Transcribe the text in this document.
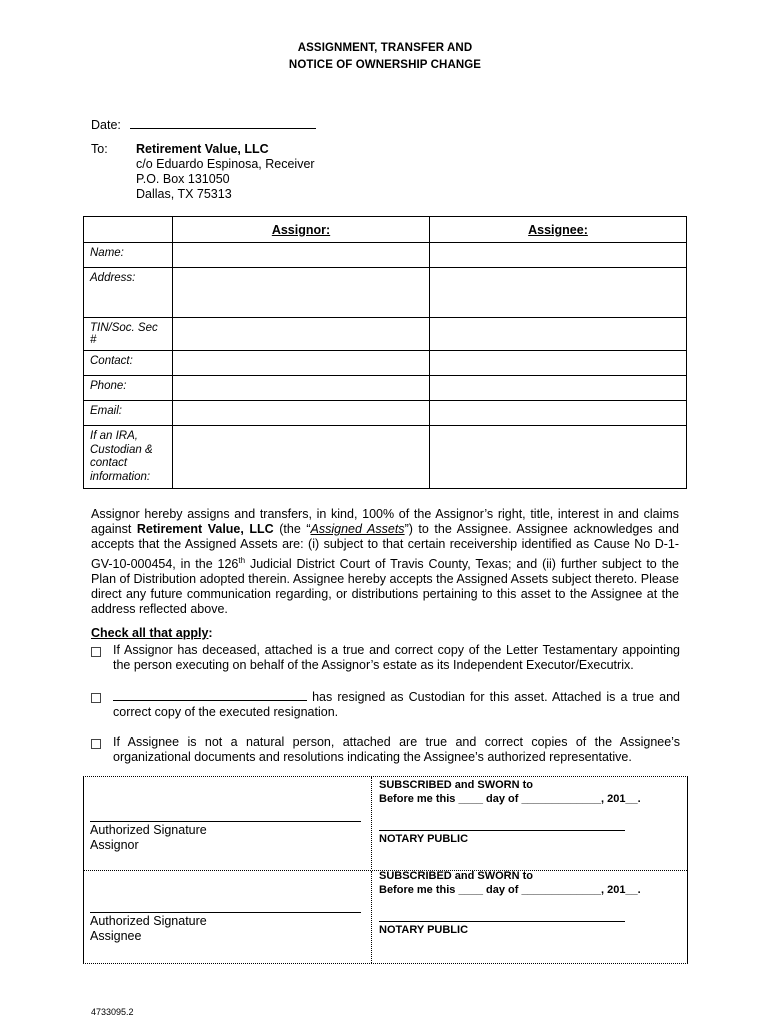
ASSIGNMENT, TRANSFER AND
NOTICE OF OWNERSHIP CHANGE
Date:
To: Retirement Value, LLC
c/o Eduardo Espinosa, Receiver
P.O. Box 131050
Dallas, TX 75313
	Assignor:	Assignee:
Name:		
Address:		
TIN/Soc. Sec #		
Contact:		
Phone:		
Email:		
If an IRA, Custodian & contact information:		
Assignor hereby assigns and transfers, in kind, 100% of the Assignor’s right, title, interest in and claims against Retirement Value, LLC (the “Assigned Assets”) to the Assignee. Assignee acknowledges and accepts that the Assigned Assets are: (i) subject to that certain receivership identified as Cause No D-1-GV-10-000454, in the 126th Judicial District Court of Travis County, Texas; and (ii) further subject to the Plan of Distribution adopted therein. Assignee hereby accepts the Assigned Assets subject thereto. Please direct any future communication regarding, or distributions pertaining to this asset to the Assignee at the address reflected above.
Check all that apply:
If Assignor has deceased, attached is a true and correct copy of the Letter Testamentary appointing the person executing on behalf of the Assignor’s estate as its Independent Executor/Executrix.
has resigned as Custodian for this asset. Attached is a true and correct copy of the executed resignation.
If Assignee is not a natural person, attached are true and correct copies of the Assignee’s organizational documents and resolutions indicating the Assignee’s authorized representative.
Authorized Signature
Assignor
SUBSCRIBED and SWORN to
Before me this ____ day of _____________, 201__.
NOTARY PUBLIC
Authorized Signature
Assignee
SUBSCRIBED and SWORN to
Before me this ____ day of _____________, 201__.
NOTARY PUBLIC
4733095.2
